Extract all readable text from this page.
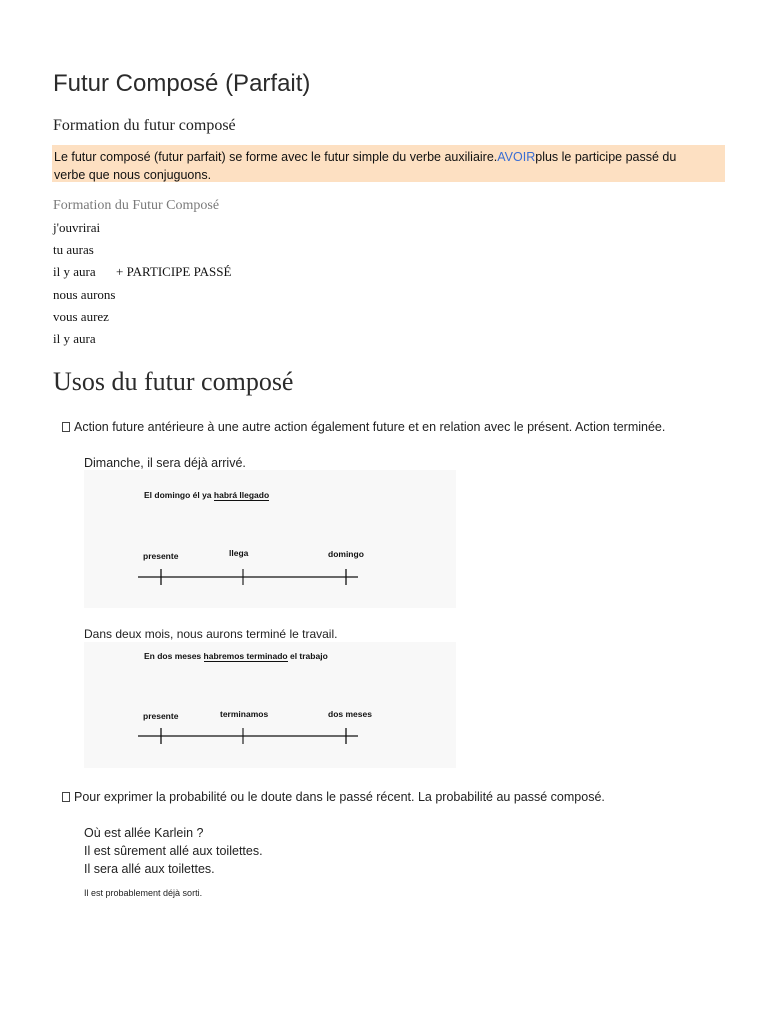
Futur Composé (Parfait)
Formation du futur composé
Le futur composé (futur parfait) se forme avec le futur simple du verbe auxiliaire.AVOIRplus le participe passé du verbe que nous conjuguons.
Formation du Futur Composé
j'ouvrirai
tu auras
il y aura + PARTICIPE PASSÉ
nous aurons
vous aurez
il y aura
Usos du futur composé
Action future antérieure à une autre action également future et en relation avec le présent. Action terminée.
Dimanche, il sera déjà arrivé.
El domingo él ya habrá llegado
presente	llega	domingo
Dans deux mois, nous aurons terminé le travail.
En dos meses habremos terminado el trabajo
presente	terminamos	dos meses
Pour exprimer la probabilité ou le doute dans le passé récent. La probabilité au passé composé.
Où est allée Karlein ?
Il est sûrement allé aux toilettes.
Il sera allé aux toilettes.
Il est probablement déjà sorti.
